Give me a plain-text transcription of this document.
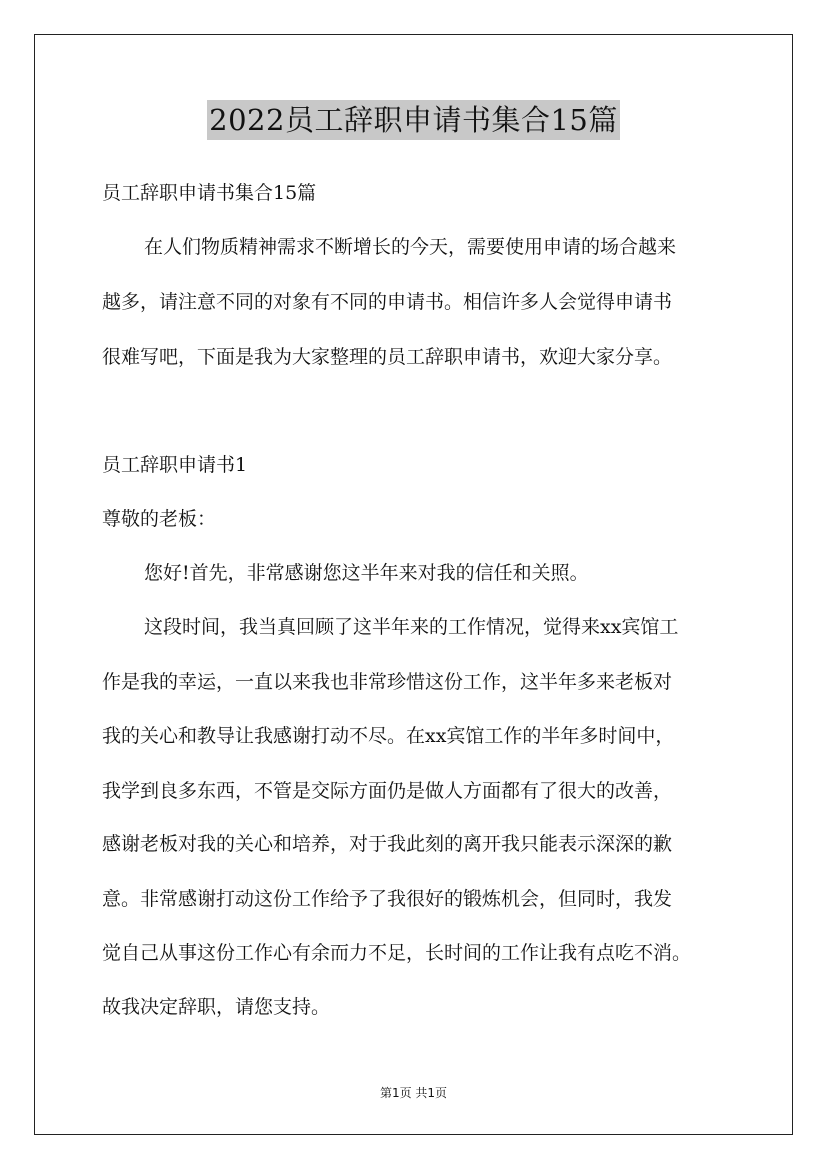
2022员工辞职申请书集合15篇
员工辞职申请书集合15篇
在人们物质精神需求不断增长的今天，需要使用申请的场合越来
越多，请注意不同的对象有不同的申请书。相信许多人会觉得申请书
很难写吧，下面是我为大家整理的员工辞职申请书，欢迎大家分享。
员工辞职申请书1
尊敬的老板：
您好!首先，非常感谢您这半年来对我的信任和关照。
这段时间，我当真回顾了这半年来的工作情况，觉得来xx宾馆工
作是我的幸运，一直以来我也非常珍惜这份工作，这半年多来老板对
我的关心和教导让我感谢打动不尽。在xx宾馆工作的半年多时间中，
我学到良多东西，不管是交际方面仍是做人方面都有了很大的改善，
感谢老板对我的关心和培养，对于我此刻的离开我只能表示深深的歉
意。非常感谢打动这份工作给予了我很好的锻炼机会，但同时，我发
觉自己从事这份工作心有余而力不足，长时间的工作让我有点吃不消。
故我决定辞职，请您支持。
第1页 共1页
